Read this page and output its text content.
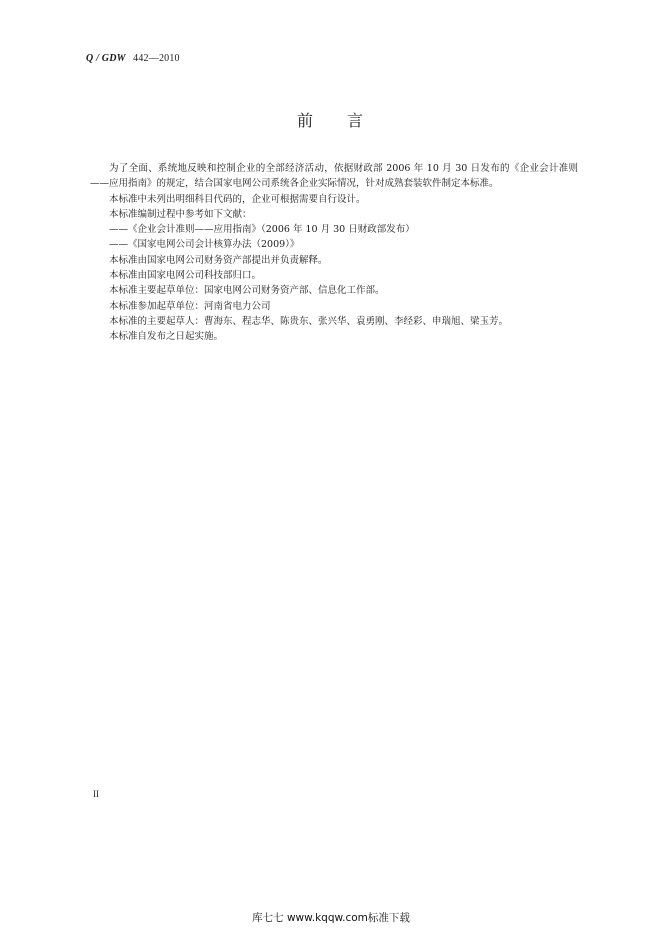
Q / GDW 442—2010
前 言

为了全面、系统地反映和控制企业的全部经济活动，依据财政部 2006 年 10 月 30 日发布的《企业会计准则——应用指南》的规定，结合国家电网公司系统各企业实际情况，针对成熟套装软件制定本标准。

本标准中未列出明细科目代码的，企业可根据需要自行设计。

本标准编制过程中参考如下文献：

——《企业会计准则——应用指南》（2006 年 10 月 30 日财政部发布）

——《国家电网公司会计核算办法（2009）》

本标准由国家电网公司财务资产部提出并负责解释。

本标准由国家电网公司科技部归口。

本标准主要起草单位：国家电网公司财务资产部、信息化工作部。

本标准参加起草单位：河南省电力公司

本标准的主要起草人：曹海东、程志华、陈贵东、张兴华、袁勇刚、李经彩、申瑞旭、梁玉芳。

本标准自发布之日起实施。

II
库七七 www.kqqw.com标准下载
